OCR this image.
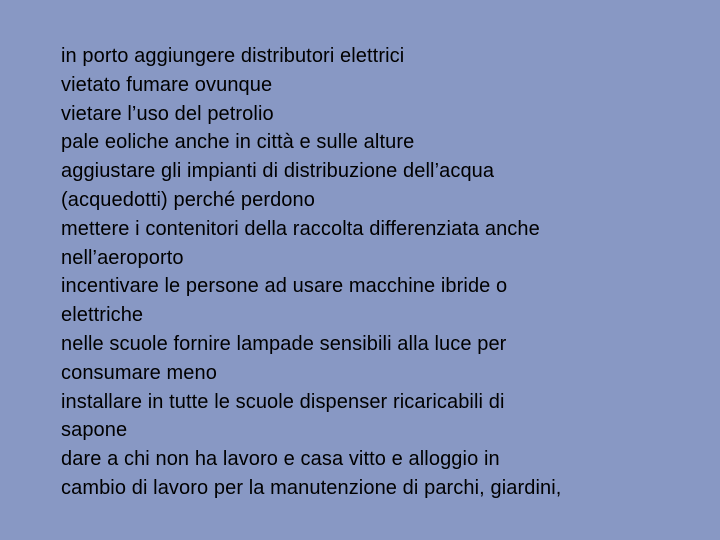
in porto aggiungere distributori elettrici
vietato fumare ovunque
vietare l’uso del petrolio
pale eoliche anche in città e sulle alture
aggiustare gli impianti di distribuzione dell’acqua
(acquedotti) perché perdono
mettere i contenitori della raccolta differenziata anche
nell’aeroporto
incentivare le persone ad usare macchine ibride o
elettriche
nelle scuole fornire lampade sensibili alla luce per
consumare meno
installare in tutte le scuole dispenser ricaricabili di
sapone
dare a chi non ha lavoro e casa vitto e alloggio in
cambio di lavoro per la manutenzione di parchi, giardini,
